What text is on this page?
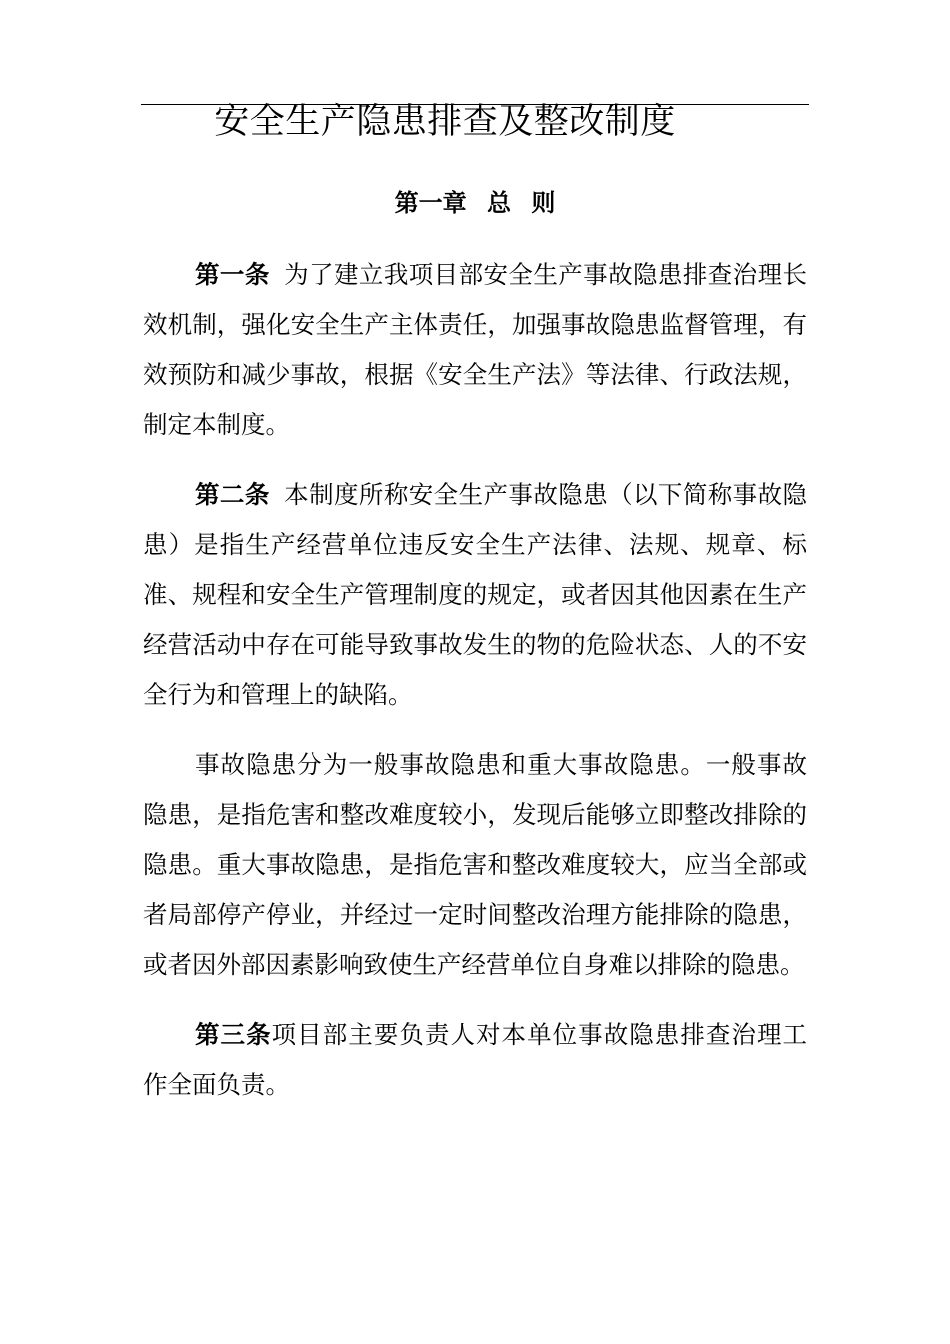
安全生产隐患排查及整改制度
第一章 总 则

第一条 为了建立我项目部安全生产事故隐患排查治理长效机制，强化安全生产主体责任，加强事故隐患监督管理，有效预防和减少事故，根据《安全生产法》等法律、行政法规，制定本制度。

第二条 本制度所称安全生产事故隐患（以下简称事故隐患）是指生产经营单位违反安全生产法律、法规、规章、标准、规程和安全生产管理制度的规定，或者因其他因素在生产经营活动中存在可能导致事故发生的物的危险状态、人的不安全行为和管理上的缺陷。

事故隐患分为一般事故隐患和重大事故隐患。一般事故隐患，是指危害和整改难度较小，发现后能够立即整改排除的隐患。重大事故隐患，是指危害和整改难度较大，应当全部或者局部停产停业，并经过一定时间整改治理方能排除的隐患，或者因外部因素影响致使生产经营单位自身难以排除的隐患。

第三条项目部主要负责人对本单位事故隐患排查治理工作全面负责。
